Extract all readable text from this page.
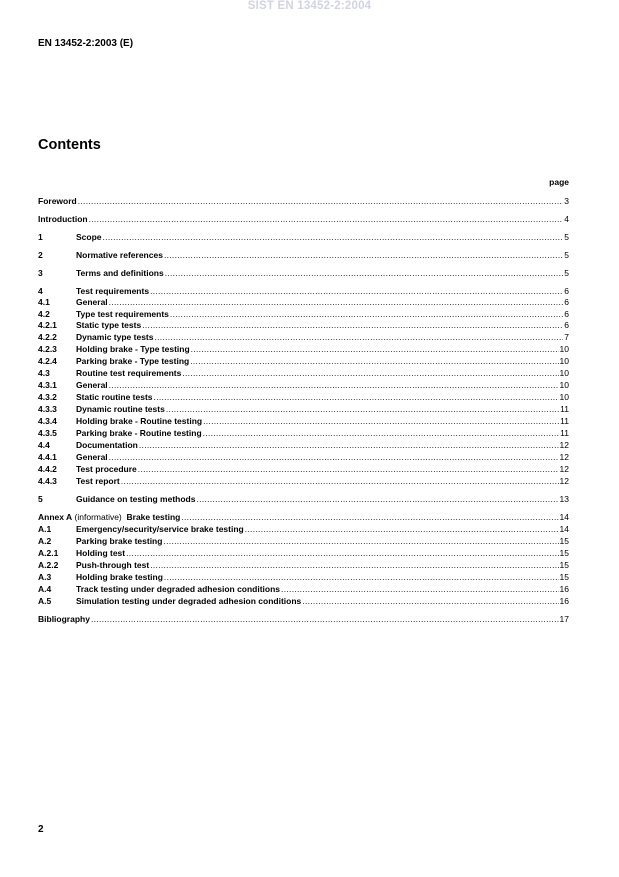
SIST EN 13452-2:2004
EN 13452-2:2003 (E)
Contents
page
Foreword .....	3
Introduction .....	4
1	Scope .....	5
2	Normative references .....	5
3	Terms and definitions .....	5
4	Test requirements .....	6
4.1	General .....	6
4.2	Type test requirements .....	6
4.2.1 Static type tests .....	6
4.2.2 Dynamic type tests .....	7
4.2.3 Holding brake - Type testing .....	10
4.2.4 Parking brake - Type testing .....	10
4.3	Routine test requirements .....	10
4.3.1 General .....	10
4.3.2 Static routine tests .....	10
4.3.3 Dynamic routine tests .....	11
4.3.4 Holding brake - Routine testing .....	11
4.3.5 Parking brake - Routine testing .....	11
4.4	Documentation .....	12
4.4.1 General .....	12
4.4.2 Test procedure .....	12
4.4.3 Test report .....	12
5	Guidance on testing methods .....	13
Annex A (informative)  Brake testing .....	14
A.1	Emergency/security/service brake testing .....	14
A.2	Parking brake testing .....	15
A.2.1 Holding test .....	15
A.2.2 Push-through test .....	15
A.3	Holding brake testing .....	15
A.4	Track testing under degraded adhesion conditions .....	16
A.5	Simulation testing under degraded adhesion conditions .....	16
Bibliography .....	17
2
